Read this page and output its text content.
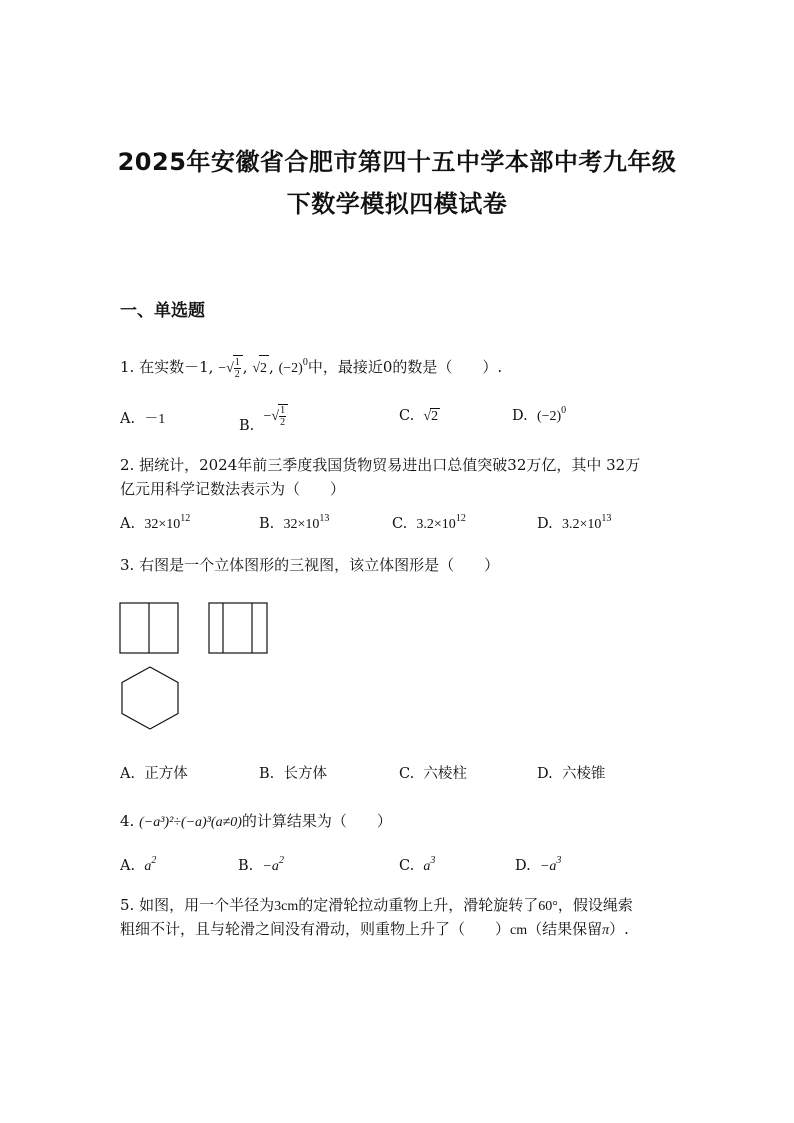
2025年安徽省合肥市第四十五中学本部中考九年级
下数学模拟四模试卷
一、单选题
1. 在实数－1, −√ $\frac{1}{2}$ , √2 , $(-2)^0$中，最接近0的数是（　　）.
A. －1	B.  −√ $\frac{1}{2}$	C. √2	D. $(-2)^0$
2. 据统计，2024年前三季度我国货物贸易进出口总值突破32万亿，其中 32万
亿元用科学记数法表示为（　　）
A. $32\times 10^{12}$	B. $32\times 10^{13}$	C. $3.2\times 10^{12}$	D. $3.2\times 10^{13}$
3. 右图是一个立体图形的三视图，该立体图形是（　　）
A. 正方体	B. 长方体	C. 六棱柱	D. 六棱锥
4. (−a³)²÷(−a)³(a≠0)的计算结果为（　　）
A. $a^2$	B. $-a^2$	C. $a^3$	D. $-a^3$
5. 如图，用一个半径为3cm的定滑轮拉动重物上升，滑轮旋转了60°，假设绳索
粗细不计，且与轮滑之间没有滑动，则重物上升了（　　）cm（结果保留π）.
